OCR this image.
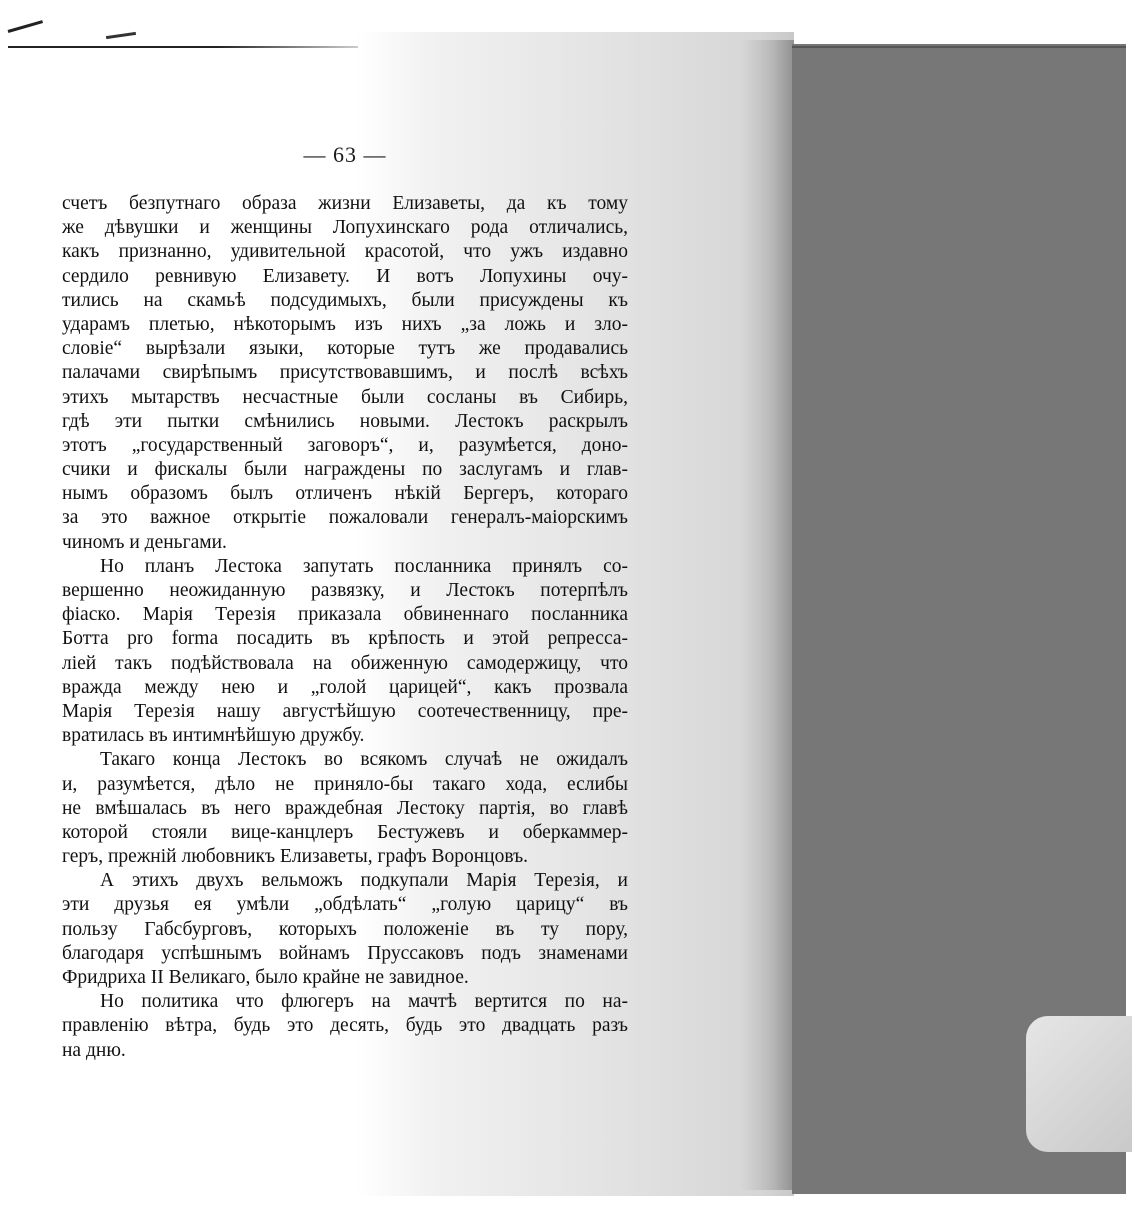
— 63 —
счетъ безпутнаго образа жизни Елизаветы, да къ тому
же дѣвушки и женщины Лопухинскаго рода отличались,
какъ признанно, удивительной красотой, что ужъ издавно
сердило ревнивую Елизавету. И вотъ Лопухины очу-
тились на скамьѣ подсудимыхъ, были присуждены къ
ударамъ плетью, нѣкоторымъ изъ нихъ „за ложь и зло-
словіе“ вырѣзали языки, которые тутъ же продавались
палачами свирѣпымъ присутствовавшимъ, и послѣ всѣхъ
этихъ мытарствъ несчастные были сосланы въ Сибирь,
гдѣ эти пытки смѣнились новыми. Лестокъ раскрылъ
этотъ „государственный заговоръ“, и, разумѣется, доно-
счики и фискалы были награждены по заслугамъ и глав-
нымъ образомъ былъ отличенъ нѣкій Бергеръ, котораго
за это важное открытіе пожаловали генералъ-маіорскимъ
чиномъ и деньгами.
Но планъ Лестока запутать посланника принялъ со-
вершенно неожиданную развязку, и Лестокъ потерпѣлъ
фіаско. Марія Терезія приказала обвиненнаго посланника
Ботта pro forma посадить въ крѣпость и этой репресса-
ліей такъ подѣйствовала на обиженную самодержицу, что
вражда между нею и „голой царицей“, какъ прозвала
Марія Терезія нашу августѣйшую соотечественницу, пре-
вратилась въ интимнѣйшую дружбу.
Такаго конца Лестокъ во всякомъ случаѣ не ожидалъ
и, разумѣется, дѣло не приняло-бы такаго хода, еслибы
не вмѣшалась въ него враждебная Лестоку партія, во главѣ
которой стояли вице-канцлеръ Бестужевъ и оберкаммер-
геръ, прежній любовникъ Елизаветы, графъ Воронцовъ.
А этихъ двухъ вельможъ подкупали Марія Терезія, и
эти друзья ея умѣли „обдѣлать“ „голую царицу“ въ
пользу Габсбурговъ, которыхъ положеніе въ ту пору,
благодаря успѣшнымъ войнамъ Пруссаковъ подъ знаменами
Фридриха II Великаго, было крайне не завидное.
Но политика что флюгеръ на мачтѣ вертится по на-
правленію вѣтра, будь это десять, будь это двадцать разъ
на дню.
